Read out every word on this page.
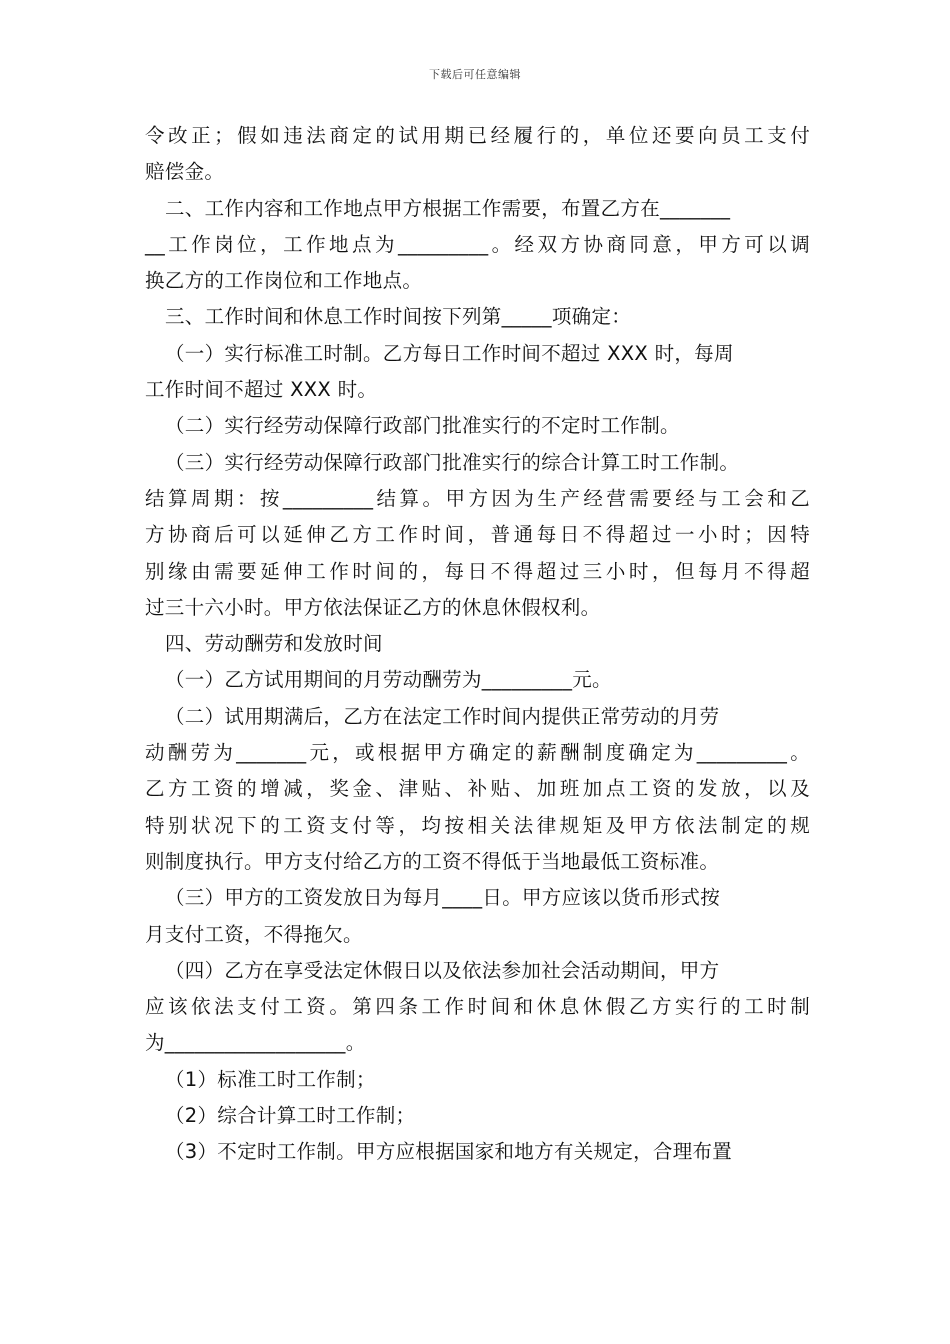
下载后可任意编辑
令改正；假如违法商定的试用期已经履行的，单位还要向员工支付
赔偿金。
二、工作内容和工作地点甲方根据工作需要，布置乙方在_______
__工作岗位，工作地点为_________。经双方协商同意，甲方可以调
换乙方的工作岗位和工作地点。
三、工作时间和休息工作时间按下列第_____项确定：
（一）实行标准工时制。乙方每日工作时间不超过 XXX 时，每周
工作时间不超过 XXX 时。
（二）实行经劳动保障行政部门批准实行的不定时工作制。
（三）实行经劳动保障行政部门批准实行的综合计算工时工作制。
结算周期：按_________结算。甲方因为生产经营需要经与工会和乙
方协商后可以延伸乙方工作时间，普通每日不得超过一小时；因特
别缘由需要延伸工作时间的，每日不得超过三小时，但每月不得超
过三十六小时。甲方依法保证乙方的休息休假权利。
四、劳动酬劳和发放时间
（一）乙方试用期间的月劳动酬劳为_________元。
（二）试用期满后，乙方在法定工作时间内提供正常劳动的月劳
动酬劳为_______元，或根据甲方确定的薪酬制度确定为_________。
乙方工资的增减，奖金、津贴、补贴、加班加点工资的发放，以及
特别状况下的工资支付等，均按相关法律规矩及甲方依法制定的规
则制度执行。甲方支付给乙方的工资不得低于当地最低工资标准。
（三）甲方的工资发放日为每月____日。甲方应该以货币形式按
月支付工资，不得拖欠。
（四）乙方在享受法定休假日以及依法参加社会活动期间，甲方
应该依法支付工资。第四条工作时间和休息休假乙方实行的工时制
为__________________。
（1）标准工时工作制；
（2）综合计算工时工作制；
（3）不定时工作制。甲方应根据国家和地方有关规定，合理布置
